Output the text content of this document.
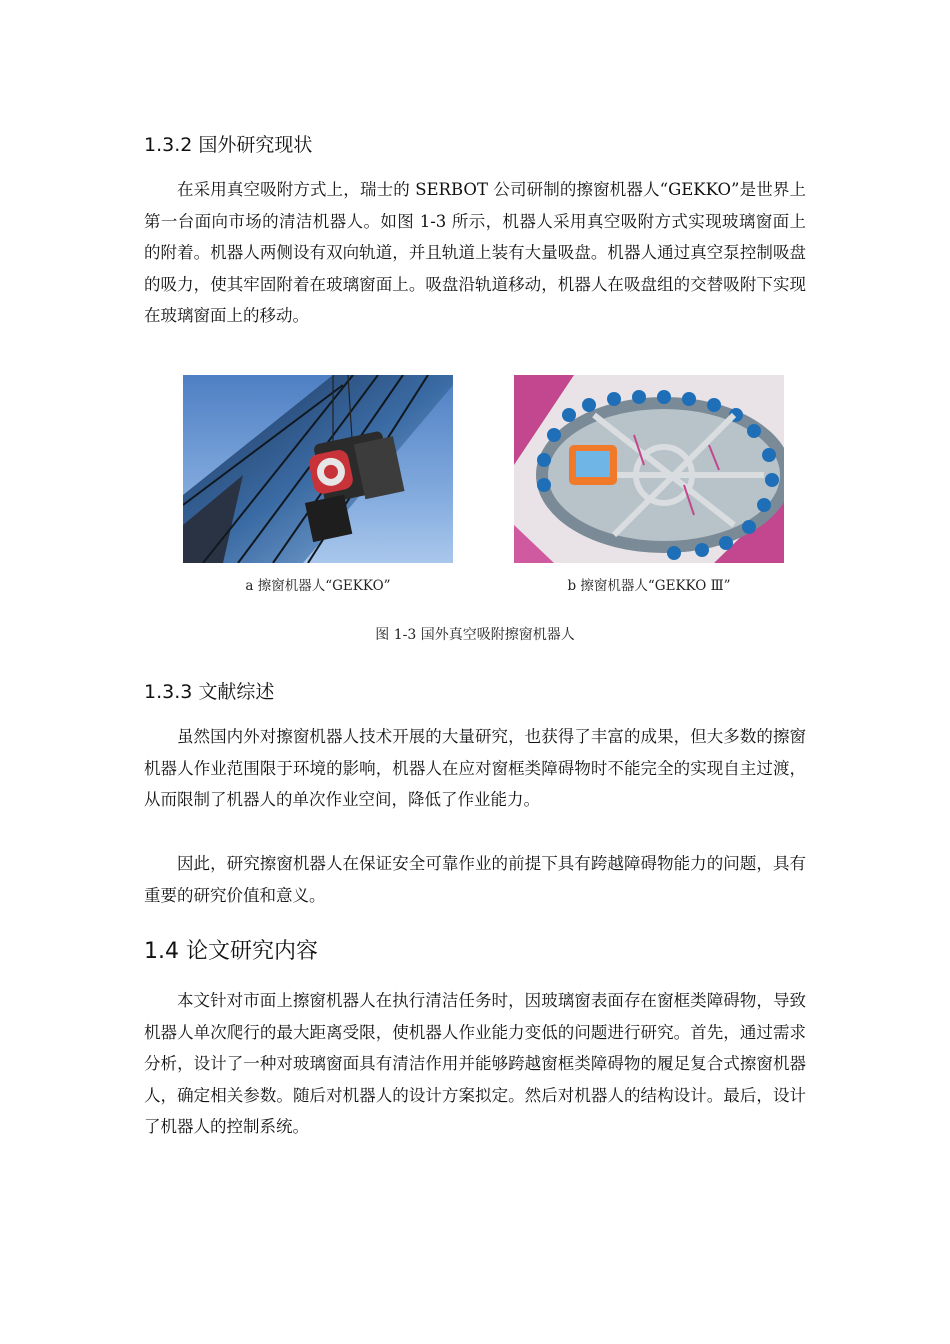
1.3.2 国外研究现状

在采用真空吸附方式上，瑞士的 SERBOT 公司研制的擦窗机器人“GEKKO”是世界上第一台面向市场的清洁机器人。如图 1-3 所示，机器人采用真空吸附方式实现玻璃窗面上的附着。机器人两侧设有双向轨道，并且轨道上装有大量吸盘。机器人通过真空泵控制吸盘的吸力，使其牢固附着在玻璃窗面上。吸盘沿轨道移动，机器人在吸盘组的交替吸附下实现在玻璃窗面上的移动。

a 擦窗机器人“GEKKO”	b 擦窗机器人“GEKKO Ⅲ”
图 1-3 国外真空吸附擦窗机器人
1.3.3 文献综述

虽然国内外对擦窗机器人技术开展的大量研究，也获得了丰富的成果，但大多数的擦窗机器人作业范围限于环境的影响，机器人在应对窗框类障碍物时不能完全的实现自主过渡，从而限制了机器人的单次作业空间，降低了作业能力。

因此，研究擦窗机器人在保证安全可靠作业的前提下具有跨越障碍物能力的问题，具有重要的研究价值和意义。

1.4 论文研究内容

本文针对市面上擦窗机器人在执行清洁任务时，因玻璃窗表面存在窗框类障碍物，导致机器人单次爬行的最大距离受限，使机器人作业能力变低的问题进行研究。首先，通过需求分析，设计了一种对玻璃窗面具有清洁作用并能够跨越窗框类障碍物的履足复合式擦窗机器人，确定相关参数。随后对机器人的设计方案拟定。然后对机器人的结构设计。最后，设计了机器人的控制系统。
